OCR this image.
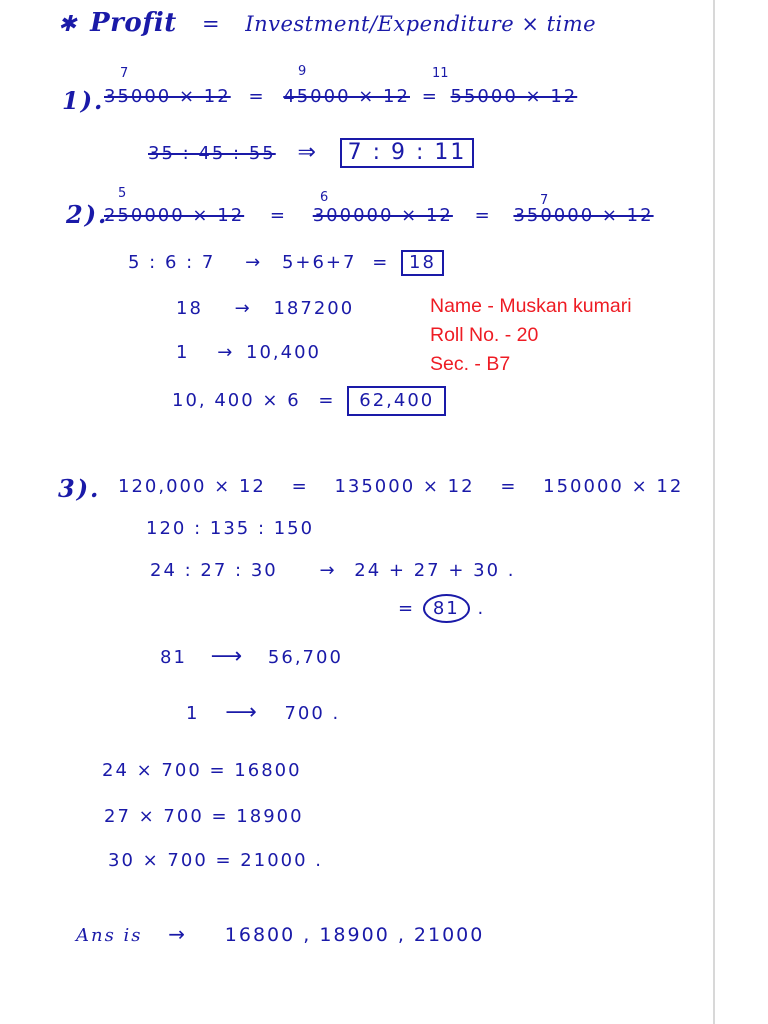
✱ Profit = Investment/Expenditure × time
Name - Muskan kumari
Roll No. - 20
Sec. - B7
7	9	11
1). 35000 × 12 = 45000 × 12 = 55000 × 12
35 : 45 : 55 ⇒ 7 : 9 : 11
5	6	7
2).
250000 × 12 = 300000 × 12 = 350000 × 12
5 : 6 : 7 → 5+6+7 = 18
18 → 187200
1 → 10,400
10, 400 × 6 = 62,400
3). 120,000 × 12 = 135000 × 12 = 150000 × 12
120 : 135 : 150
24 : 27 : 30 → 24 + 27 + 30 .
= 81 .
81 ⟶ 56,700
1 ⟶ 700 .
24 × 700 = 16800
27 × 700 = 18900
30 × 700 = 21000 .
Ans is → 16800 , 18900 , 21000
